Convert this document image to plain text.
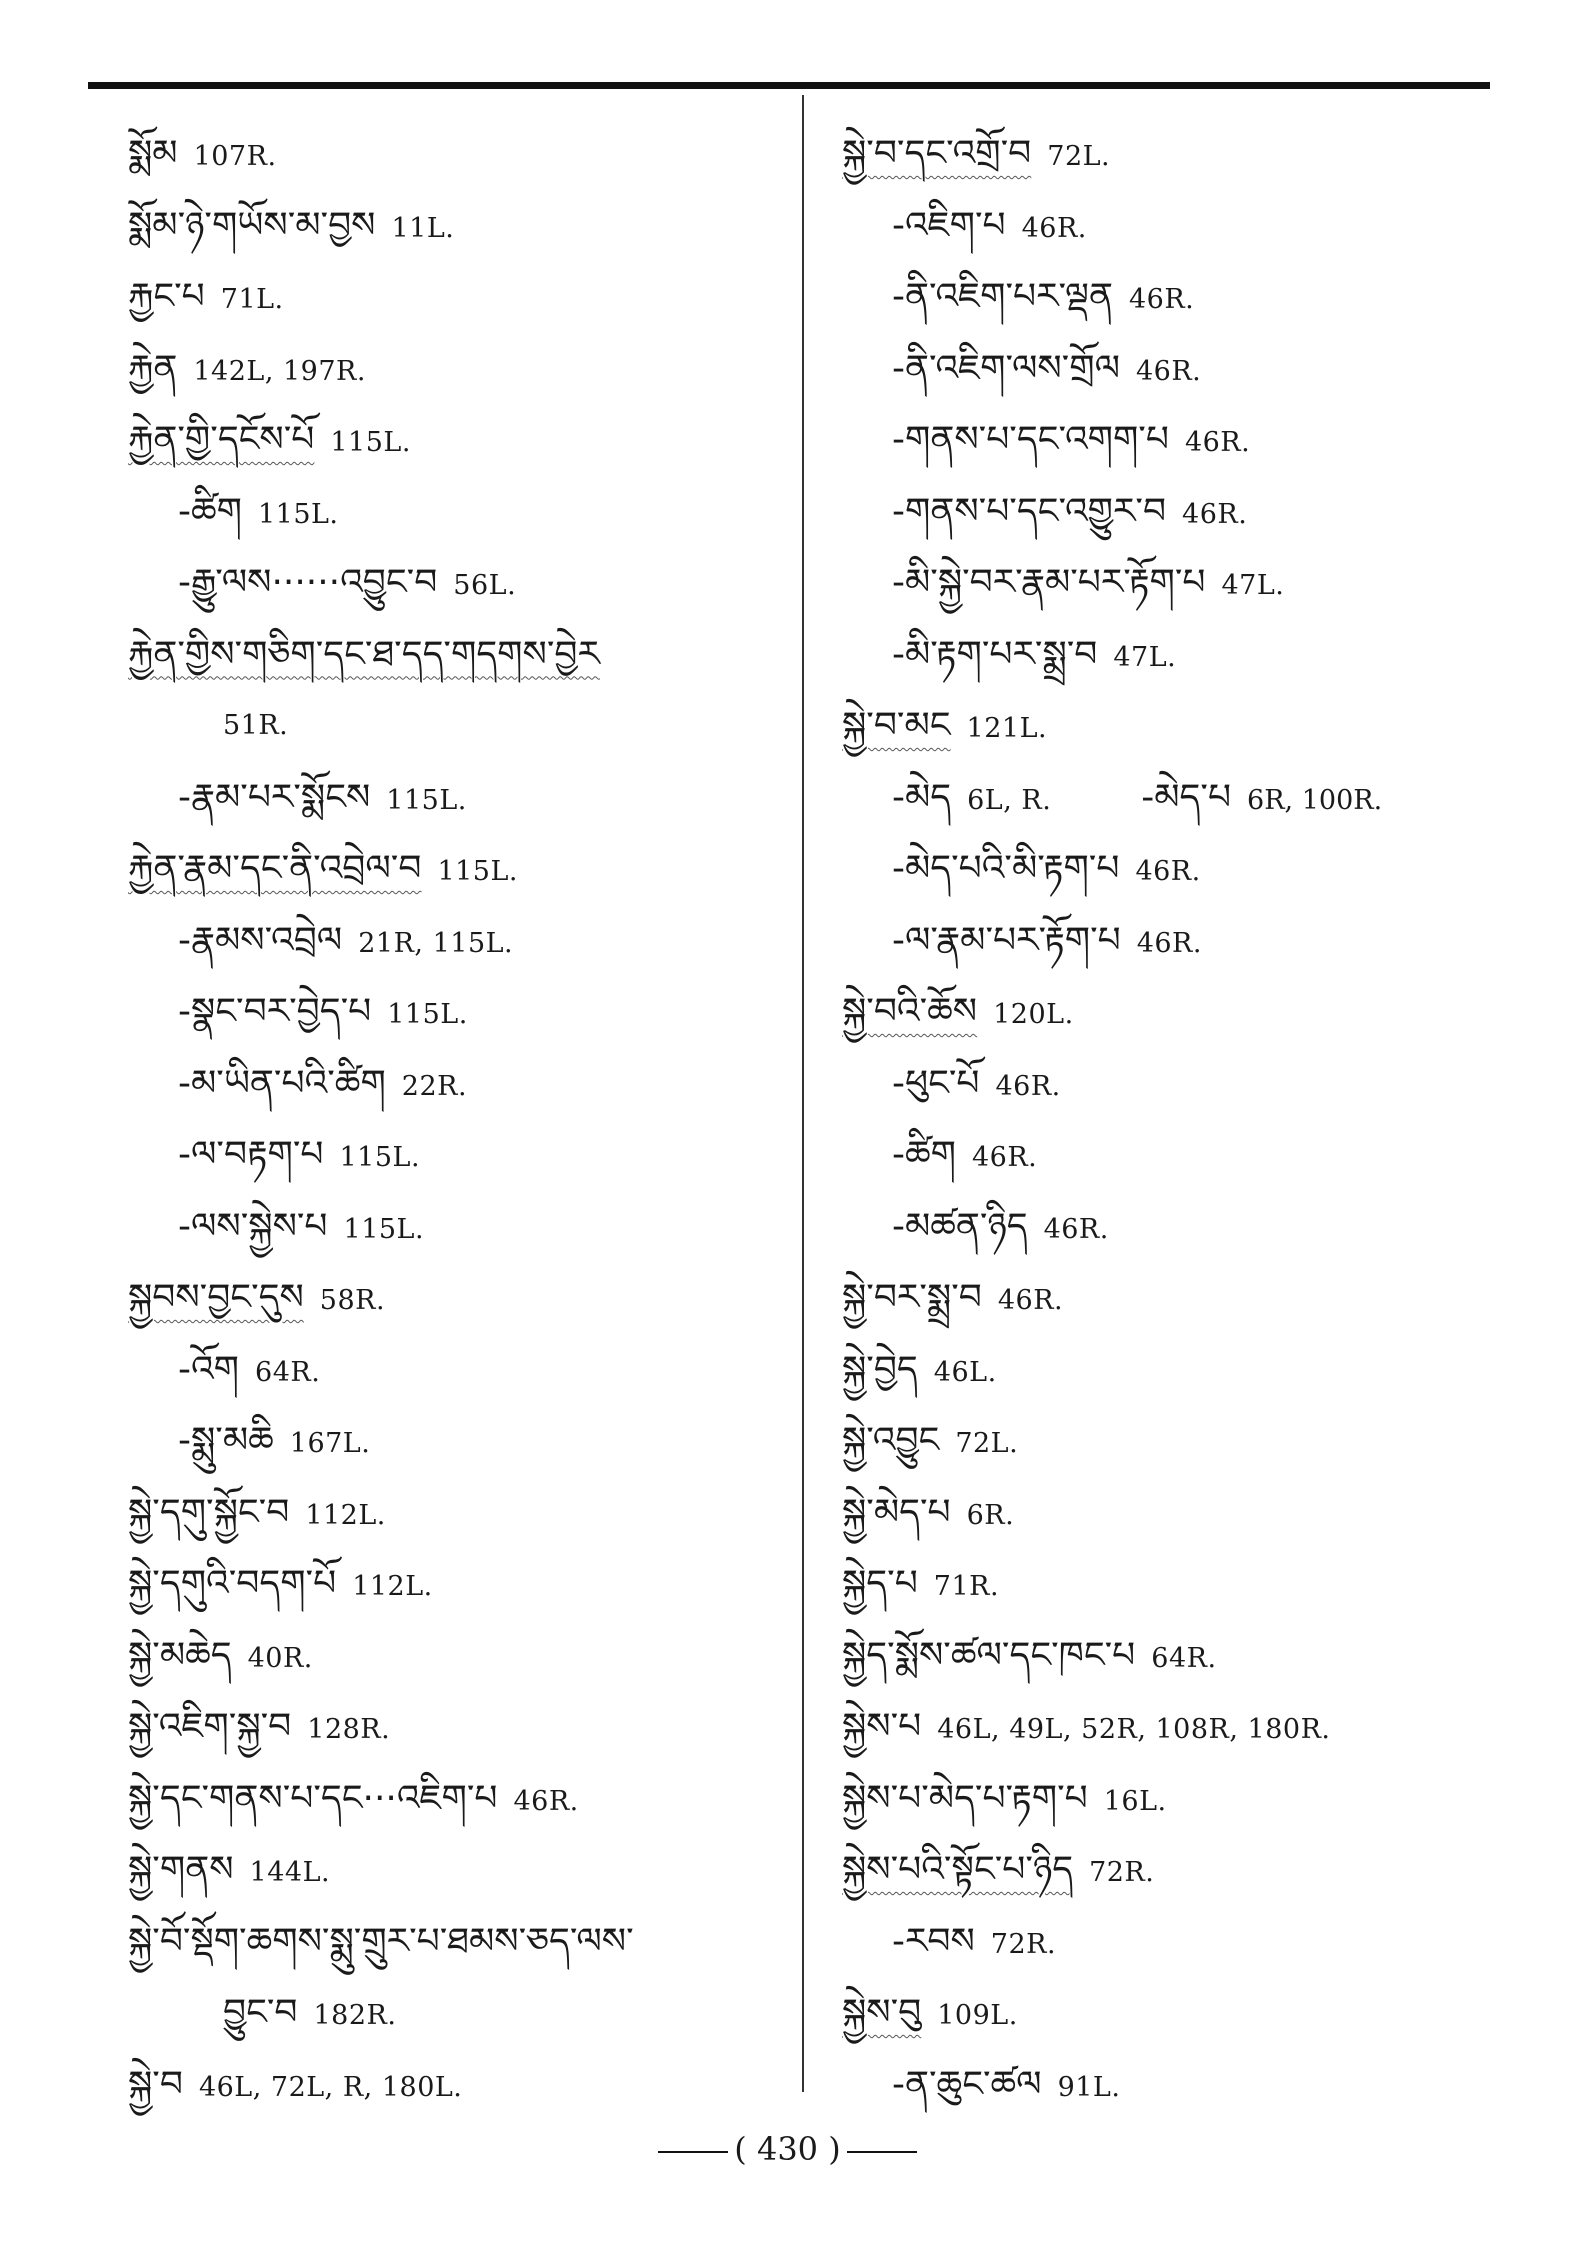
སྨོམ 107R.
སྨོམ་ཉེ་གཡོས་མ་བྱས 11L.
རྐྱང་པ 71L.
རྐྱེན 142L, 197R.
རྐྱེན་གྱི་དངོས་པོ 115L.
-ཚིག 115L.
-རྒྱུ་ལས······འབྱུང་བ 56L.
རྐྱེན་གྱིས་གཅིག་དང་ཐ་དད་གདགས་བྱེར
51R.
-རྣམ་པར་སྨོངས 115L.
རྐྱེན་རྣམ་དང་ནི་འབྲེལ་བ 115L.
-རྣམས་འབྲེལ 21R, 115L.
-སྣང་བར་བྱེད་པ 115L.
-མ་ཡིན་པའི་ཚིག 22R.
-ལ་བརྟག་པ 115L.
-ལས་སྐྱེས་པ 115L.
སྐྱབས་བྱང་དུས 58R.
-འོག 64R.
-སྨུ་མཆི 167L.
སྐྱེ་དགུ་སྐྱོང་བ 112L.
སྐྱེ་དགུའི་བདག་པོ 112L.
སྐྱེ་མཆེད 40R.
སྐྱེ་འཇིག་སྐྱ་བ 128R.
སྐྱེ་དང་གནས་པ་དང···འཇིག་པ 46R.
སྐྱེ་གནས 144L.
སྐྱེ་བོ་སྡོག་ཆགས་སྨུ་གྲུར་པ་ཐམས་ཅད་ལས་
བྱུང་བ 182R.
སྐྱེ་བ 46L, 72L, R, 180L.
སྐྱེ་བ་དང་འགྲོ་བ 72L.
-འཇིག་པ 46R.
-ནི་འཇིག་པར་ལྡན 46R.
-ནི་འཇིག་ལས་གྲོལ 46R.
-གནས་པ་དང་འགག་པ 46R.
-གནས་པ་དང་འགྱུར་བ 46R.
-མི་སྐྱེ་བར་རྣམ་པར་རྟོག་པ 47L.
-མི་རྟག་པར་སྨྲ་བ 47L.
སྐྱེ་བ་མང 121L.
-མེད 6L, R.	-མེད་པ 6R, 100R.
-མེད་པའི་མི་རྟག་པ 46R.
-ལ་རྣམ་པར་རྟོག་པ 46R.
སྐྱེ་བའི་ཆོས 120L.
-ཕུང་པོ 46R.
-ཚིག 46R.
-མཚན་ཉིད 46R.
སྐྱེ་བར་སྨྲ་བ 46R.
སྐྱེ་བྱེད 46L.
སྐྱེ་འབྱུང 72L.
སྐྱེ་མེད་པ 6R.
སྐྱེད་པ 71R.
སྐྱེད་སྨོས་ཚལ་དང་ཁང་པ 64R.
སྐྱེས་པ 46L, 49L, 52R, 108R, 180R.
སྐྱེས་པ་མེད་པ་རྟག་པ 16L.
སྐྱེས་པའི་སྟོང་པ་ཉིད 72R.
-རབས 72R.
སྐྱེས་བུ 109L.
-ན་ཆུང་ཚལ 91L.
( 430 )
